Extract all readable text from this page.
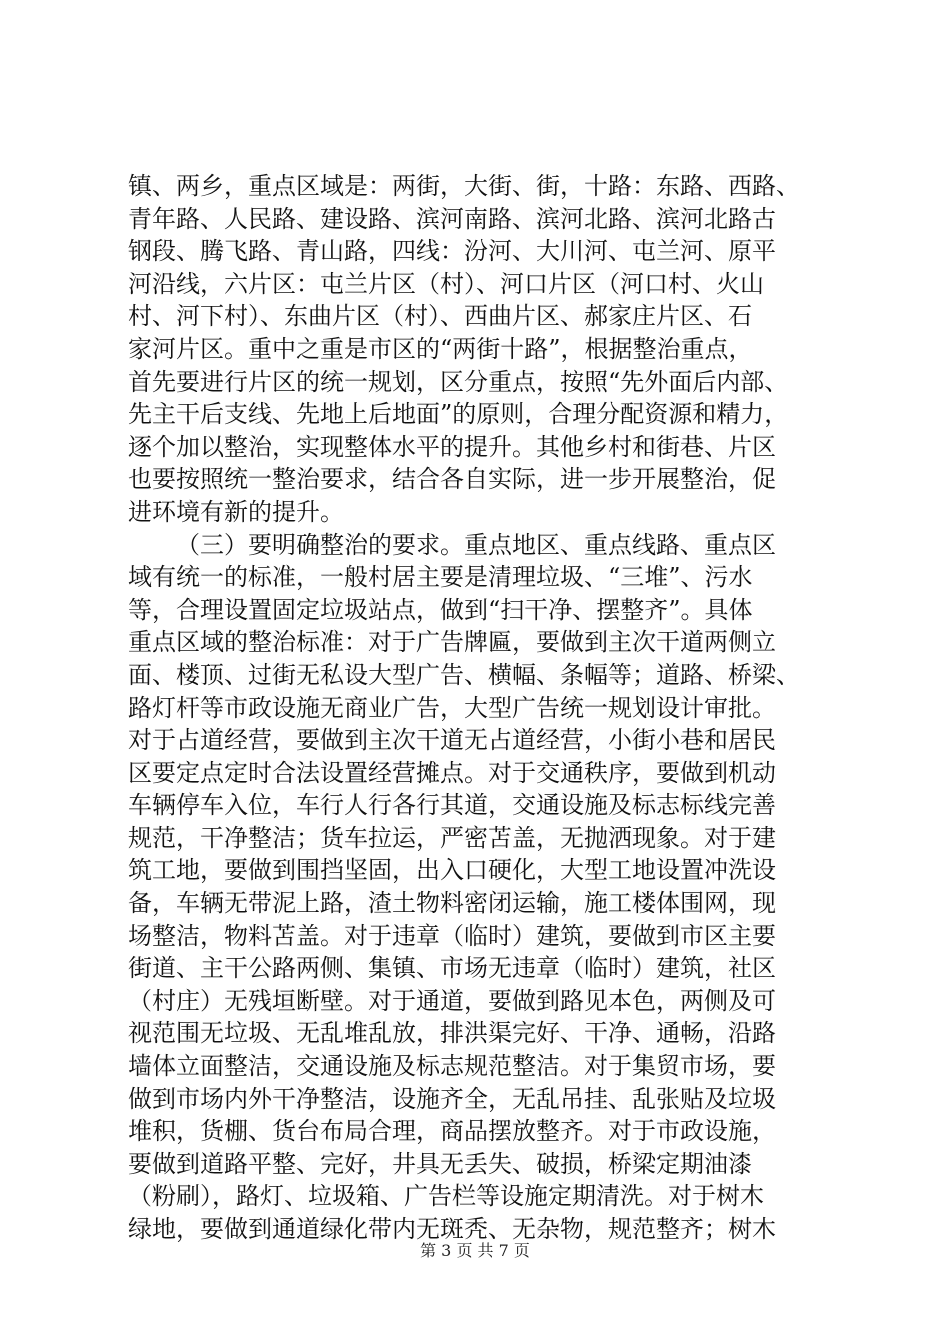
镇、两乡，重点区域是：两街，大街、街，十路：东路、西路、
青年路、人民路、建设路、滨河南路、滨河北路、滨河北路古
钢段、腾飞路、青山路，四线：汾河、大川河、屯兰河、原平
河沿线，六片区：屯兰片区（村）、河口片区（河口村、火山
村、河下村）、东曲片区（村）、西曲片区、郝家庄片区、石
家河片区。重中之重是市区的“两街十路”，根据整治重点，
首先要进行片区的统一规划，区分重点，按照“先外面后内部、
先主干后支线、先地上后地面”的原则，合理分配资源和精力，
逐个加以整治，实现整体水平的提升。其他乡村和街巷、片区
也要按照统一整治要求，结合各自实际，进一步开展整治，促
进环境有新的提升。
（三）要明确整治的要求。重点地区、重点线路、重点区
域有统一的标准，一般村居主要是清理垃圾、“三堆”、污水
等，合理设置固定垃圾站点，做到“扫干净、摆整齐”。具体
重点区域的整治标准：对于广告牌匾，要做到主次干道两侧立
面、楼顶、过街无私设大型广告、横幅、条幅等；道路、桥梁、
路灯杆等市政设施无商业广告，大型广告统一规划设计审批。
对于占道经营，要做到主次干道无占道经营，小街小巷和居民
区要定点定时合法设置经营摊点。对于交通秩序，要做到机动
车辆停车入位，车行人行各行其道，交通设施及标志标线完善
规范，干净整洁；货车拉运，严密苫盖，无抛洒现象。对于建
筑工地，要做到围挡坚固，出入口硬化，大型工地设置冲洗设
备，车辆无带泥上路，渣土物料密闭运输，施工楼体围网，现
场整洁，物料苫盖。对于违章（临时）建筑，要做到市区主要
街道、主干公路两侧、集镇、市场无违章（临时）建筑，社区
（村庄）无残垣断壁。对于通道，要做到路见本色，两侧及可
视范围无垃圾、无乱堆乱放，排洪渠完好、干净、通畅，沿路
墙体立面整洁，交通设施及标志规范整洁。对于集贸市场，要
做到市场内外干净整洁，设施齐全，无乱吊挂、乱张贴及垃圾
堆积，货棚、货台布局合理，商品摆放整齐。对于市政设施，
要做到道路平整、完好，井具无丢失、破损，桥梁定期油漆
（粉刷），路灯、垃圾箱、广告栏等设施定期清洗。对于树木
绿地，要做到通道绿化带内无斑秃、无杂物，规范整齐；树木
第 3 页 共 7 页
